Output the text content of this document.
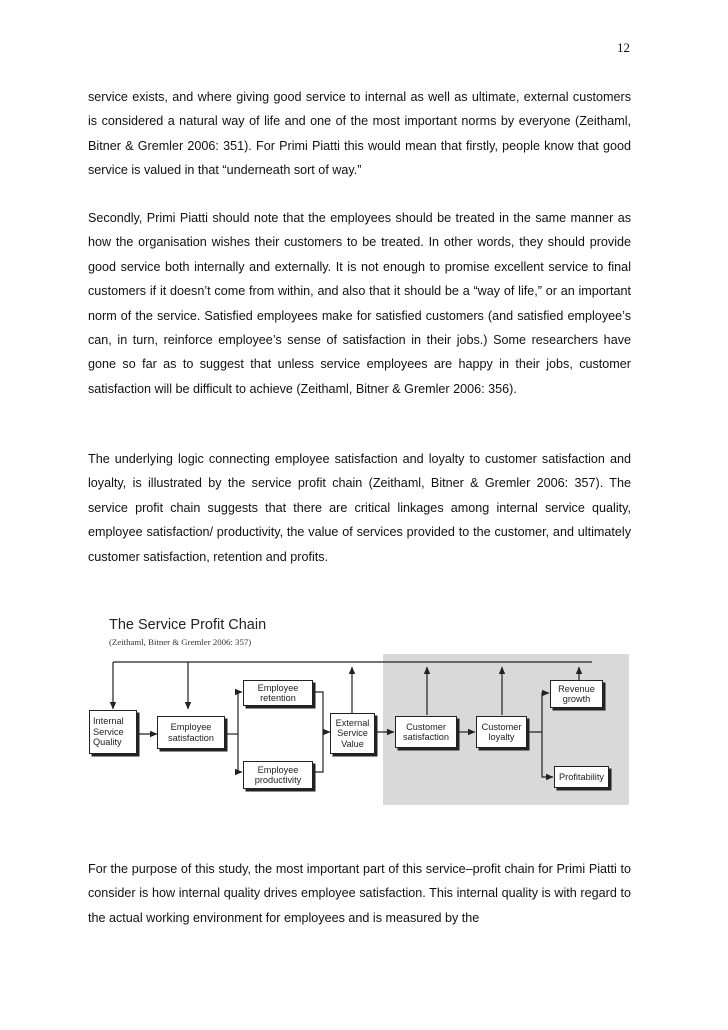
12

service exists, and where giving good service to internal as well as ultimate, external customers is considered a natural way of life and one of the most important norms by everyone (Zeithaml, Bitner & Gremler 2006: 351). For Primi Piatti this would mean that firstly, people know that good service is valued in that “underneath sort of way.”

Secondly, Primi Piatti should note that the employees should be treated in the same manner as how the organisation wishes their customers to be treated. In other words, they should provide good service both internally and externally. It is not enough to promise excellent service to final customers if it doesn’t come from within, and also that it should be a “way of life,” or an important norm of the service. Satisfied employees make for satisfied customers (and satisfied employee’s can, in turn, reinforce employee’s sense of satisfaction in their jobs.) Some researchers have gone so far as to suggest that unless service employees are happy in their jobs, customer satisfaction will be difficult to achieve (Zeithaml, Bitner & Gremler 2006: 356).

The underlying logic connecting employee satisfaction and loyalty to customer satisfaction and loyalty, is illustrated by the service profit chain (Zeithaml, Bitner & Gremler 2006: 357). The service profit chain suggests that there are critical linkages among internal service quality, employee satisfaction/ productivity, the value of services provided to the customer, and ultimately customer satisfaction, retention and profits.

The Service Profit Chain
(Zeithaml, Bitner & Gremler 2006: 357)
Internal
Service
Quality
Employee
satisfaction
Employee
retention
Employee
productivity
External
Service
Value
Customer
satisfaction
Customer
loyalty
Revenue
growth
Profitability

For the purpose of this study, the most important part of this service–profit chain for Primi Piatti to consider is how internal quality drives employee satisfaction. This internal quality is with regard to the actual working environment for employees and is measured by the
